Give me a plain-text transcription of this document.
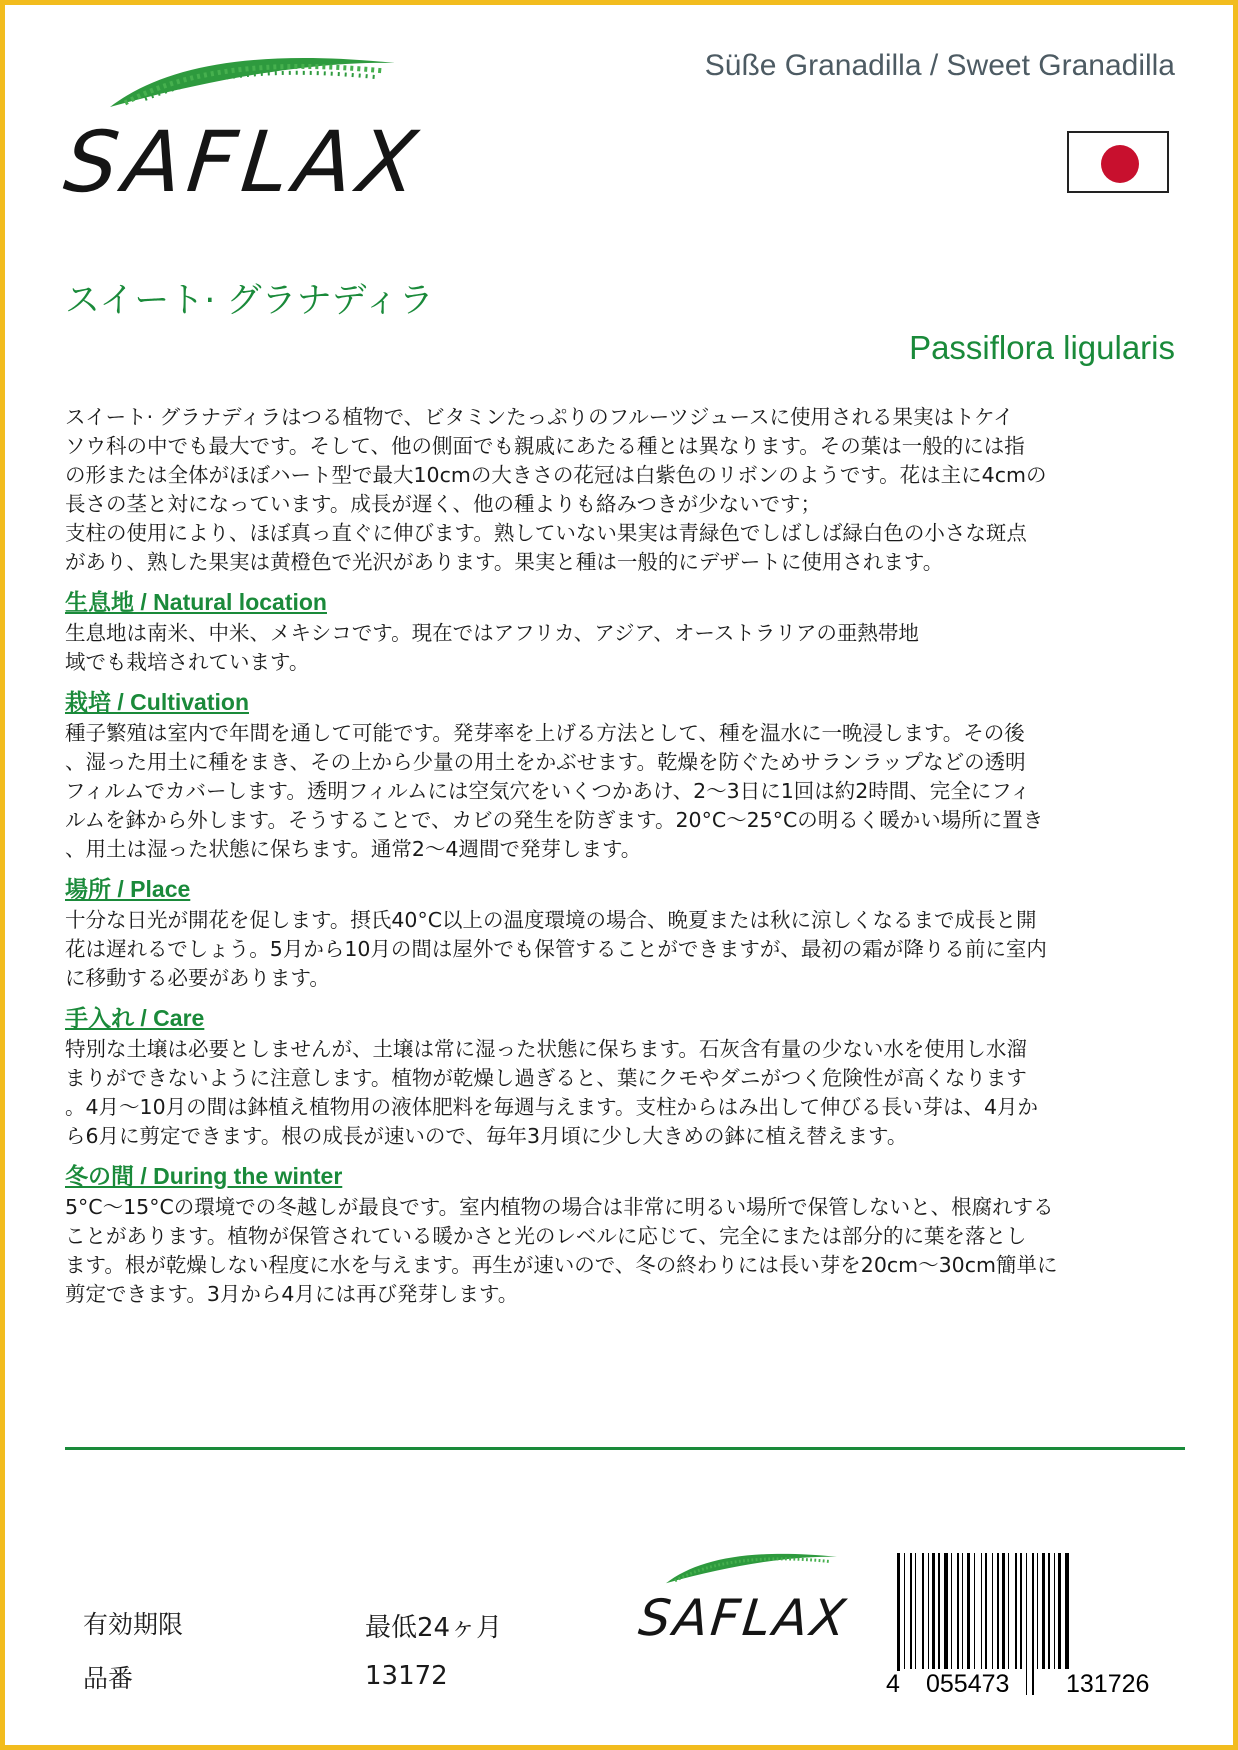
SAFLAX
Süße Granadilla / Sweet Granadilla
スイート· グラナディラ
Passiflora ligularis

スイート· グラナディラはつる植物で、ビタミンたっぷりのフルーツジュースに使用される果実はトケイ

ソウ科の中でも最大です。そして、他の側面でも親戚にあたる種とは異なります。その葉は一般的には指

の形または全体がほぼハート型で最大10cmの大きさの花冠は白紫色のリボンのようです。花は主に4cmの

長さの茎と対になっています。成長が遅く、他の種よりも絡みつきが少ないです；

支柱の使用により、ほぼ真っ直ぐに伸びます。熟していない果実は青緑色でしばしば緑白色の小さな斑点

があり、熟した果実は黄橙色で光沢があります。果実と種は一般的にデザートに使用されます。

生息地 / Natural location

生息地は南米、中米、メキシコです。現在ではアフリカ、アジア、オーストラリアの亜熱帯地

域でも栽培されています。

栽培 / Cultivation

種子繁殖は室内で年間を通して可能です。発芽率を上げる方法として、種を温水に一晩浸します。その後

、湿った用土に種をまき、その上から少量の用土をかぶせます。乾燥を防ぐためサランラップなどの透明

フィルムでカバーします。透明フィルムには空気穴をいくつかあけ、2～3日に1回は約2時間、完全にフィ

ルムを鉢から外します。そうすることで、カビの発生を防ぎます。20°C〜25°Cの明るく暖かい場所に置き

、用土は湿った状態に保ちます。通常2～4週間で発芽します。

場所 / Place

十分な日光が開花を促します。摂氏40°C以上の温度環境の場合、晩夏または秋に涼しくなるまで成長と開

花は遅れるでしょう。5月から10月の間は屋外でも保管することができますが、最初の霜が降りる前に室内

に移動する必要があります。

手入れ / Care

特別な土壌は必要としませんが、土壌は常に湿った状態に保ちます。石灰含有量の少ない水を使用し水溜

まりができないように注意します。植物が乾燥し過ぎると、葉にクモやダニがつく危険性が高くなります

。4月～10月の間は鉢植え植物用の液体肥料を毎週与えます。支柱からはみ出して伸びる長い芽は、4月か

ら6月に剪定できます。根の成長が速いので、毎年3月頃に少し大きめの鉢に植え替えます。

冬の間 / During the winter

5°C～15°Cの環境での冬越しが最良です。室内植物の場合は非常に明るい場所で保管しないと、根腐れする

ことがあります。植物が保管されている暖かさと光のレベルに応じて、完全にまたは部分的に葉を落とし

ます。根が乾燥しない程度に水を与えます。再生が速いので、冬の終わりには長い芽を20cm～30cm簡単に

剪定できます。3月から4月には再び発芽します。

有効期限	最低24ヶ月
品番	13172
SAFLAX
4 055473 131726
